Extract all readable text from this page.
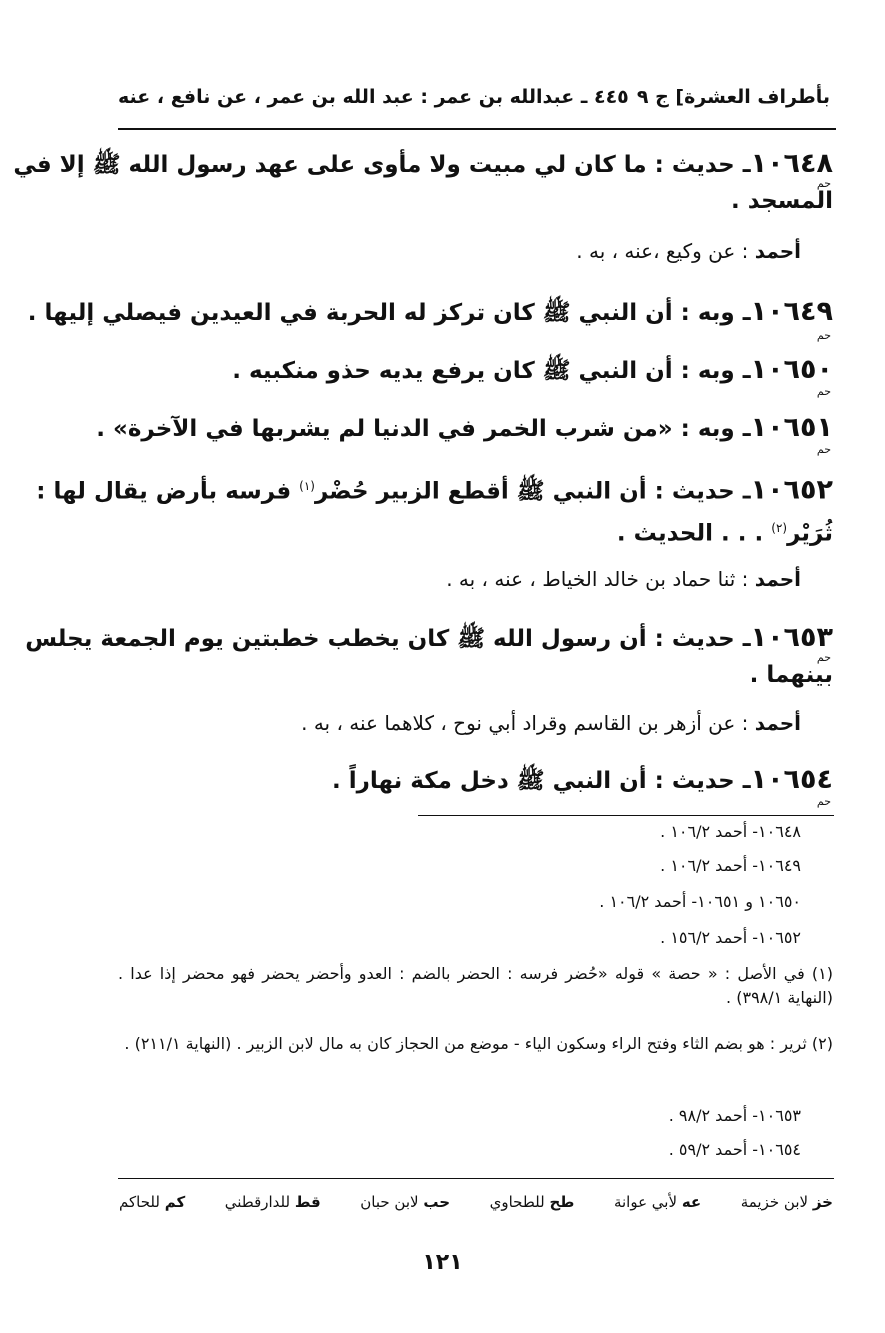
بأطراف العشرة] ج ٩
٤٤٥ ـ عبدالله بن عمر : عبد الله بن عمر ، عن نافع ، عنه
١٠٦٤٨ـ حديث : ما كان لي مبيت ولا مأوى على عهد رسول الله ﷺ إلا في
المسجد .
حم
أحمد : عن وكيع ،عنه ، به .
١٠٦٤٩ـ وبه : أن النبي ﷺ كان تركز له الحربة في العيدين فيصلي إليها .
حم
١٠٦٥٠ـ وبه : أن النبي ﷺ كان يرفع يديه حذو منكبيه .
حم
١٠٦٥١ـ وبه : «من شرب الخمر في الدنيا لم يشربها في الآخرة» .
حم
١٠٦٥٢ـ حديث : أن النبي ﷺ أقطع الزبير حُضْر$^{(١)}$ فرسه بأرض يقال لها :
ثُرَيْر$^{(٢)}$ . . . الحديث .
أحمد : ثنا حماد بن خالد الخياط ، عنه ، به .
١٠٦٥٣ـ حديث : أن رسول الله ﷺ كان يخطب خطبتين يوم الجمعة يجلس
بينهما .
حم
أحمد : عن أزهر بن القاسم وقراد أبي نوح ، كلاهما عنه ، به .
١٠٦٥٤ـ حديث : أن النبي ﷺ دخل مكة نهاراً .
حم
١٠٦٤٨- أحمد ١٠٦/٢ .
١٠٦٤٩- أحمد ١٠٦/٢ .
١٠٦٥٠ و ١٠٦٥١- أحمد ١٠٦/٢ .
١٠٦٥٢- أحمد ١٥٦/٢ .
(١) في الأصل : « حصة » قوله «حُضر فرسه : الحضر بالضم : العدو وأحضر يحضر فهو محضر إذا عدا . (النهاية ٣٩٨/١) .
(٢) ثرير : هو بضم الثاء وفتح الراء وسكون الياء - موضع من الحجاز كان به مال لابن الزبير . (النهاية ٢١١/١) .
١٠٦٥٣- أحمد ٩٨/٢ .
١٠٦٥٤- أحمد ٥٩/٢ .
خز لابن خزيمة
عه لأبي عوانة
طح للطحاوي
حب لابن حبان
قط للدارقطني
كم للحاكم
١٢١
